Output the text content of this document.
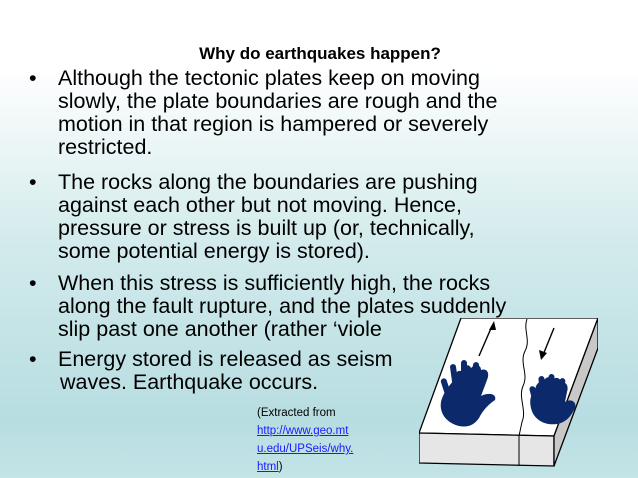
Why do earthquakes happen?
• Although the tectonic plates keep on moving
slowly, the plate boundaries are rough and the
motion in that region is hampered or severely
restricted.
• The rocks along the boundaries are pushing
against each other but not moving. Hence,
pressure or stress is built up (or, technically,
some potential energy is stored).
• When this stress is sufficiently high, the rocks
along the fault rupture, and the plates suddenly
slip past one another (rather ‘viole
• Energy stored is released as seism
waves. Earthquake occurs.
(Extracted from
http://www.geo.mt
u.edu/UPSeis/why.
html)
